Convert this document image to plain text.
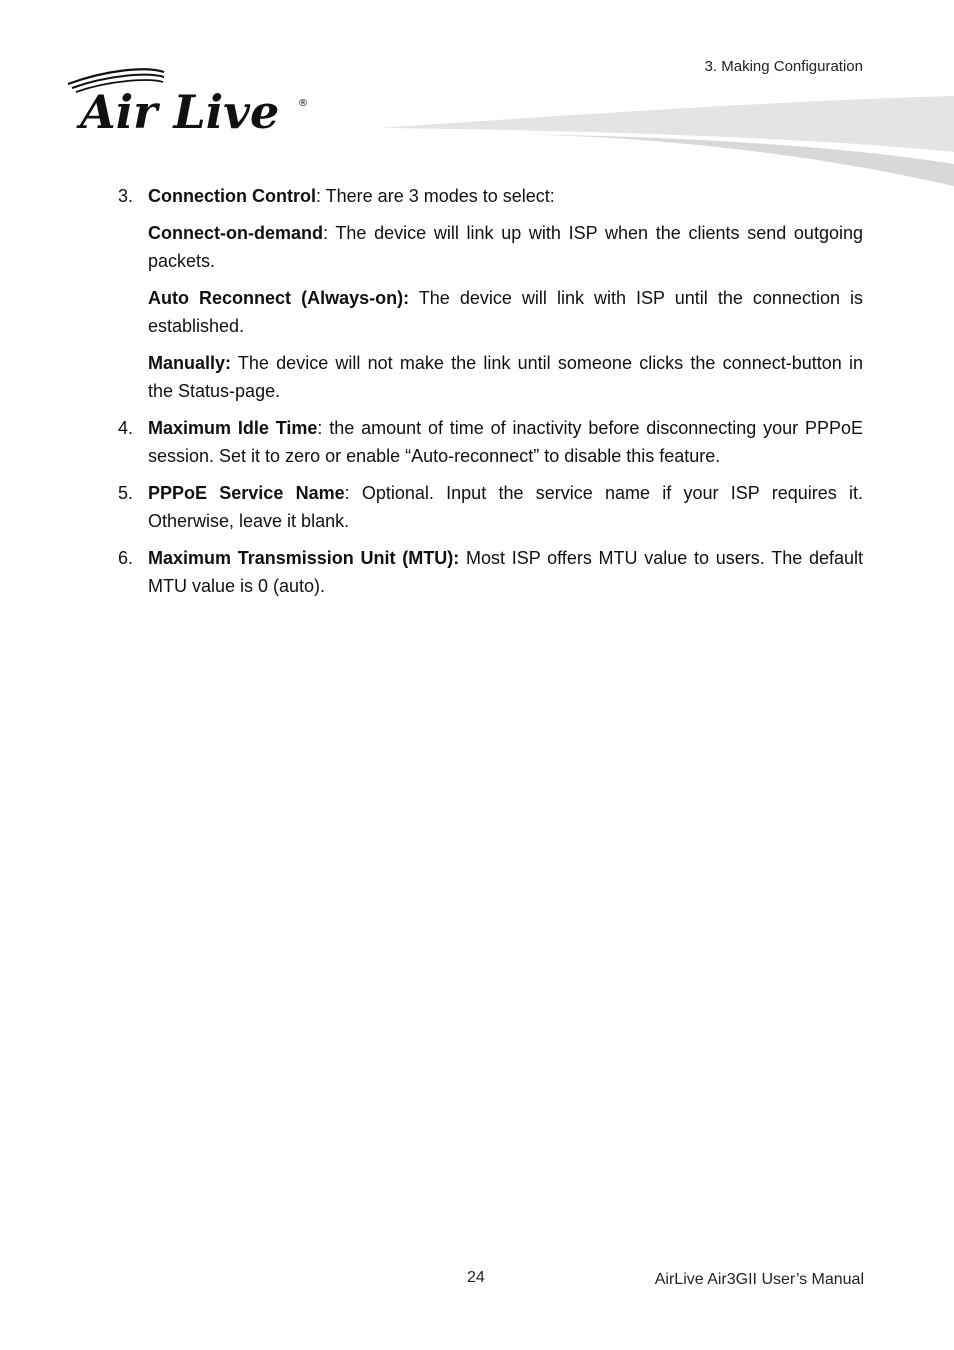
3. Making Configuration
Air Live ®
3. Connection Control: There are 3 modes to select:

Connect-on-demand: The device will link up with ISP when the clients send outgoing packets.

Auto Reconnect (Always-on): The device will link with ISP until the connection is established.

Manually: The device will not make the link until someone clicks the connect-button in the Status-page.

4. Maximum Idle Time: the amount of time of inactivity before disconnecting your PPPoE session. Set it to zero or enable “Auto-reconnect” to disable this feature.

5. PPPoE Service Name: Optional. Input the service name if your ISP requires it. Otherwise, leave it blank.

6. Maximum Transmission Unit (MTU): Most ISP offers MTU value to users. The default MTU value is 0 (auto).

24	AirLive Air3GII User’s Manual
